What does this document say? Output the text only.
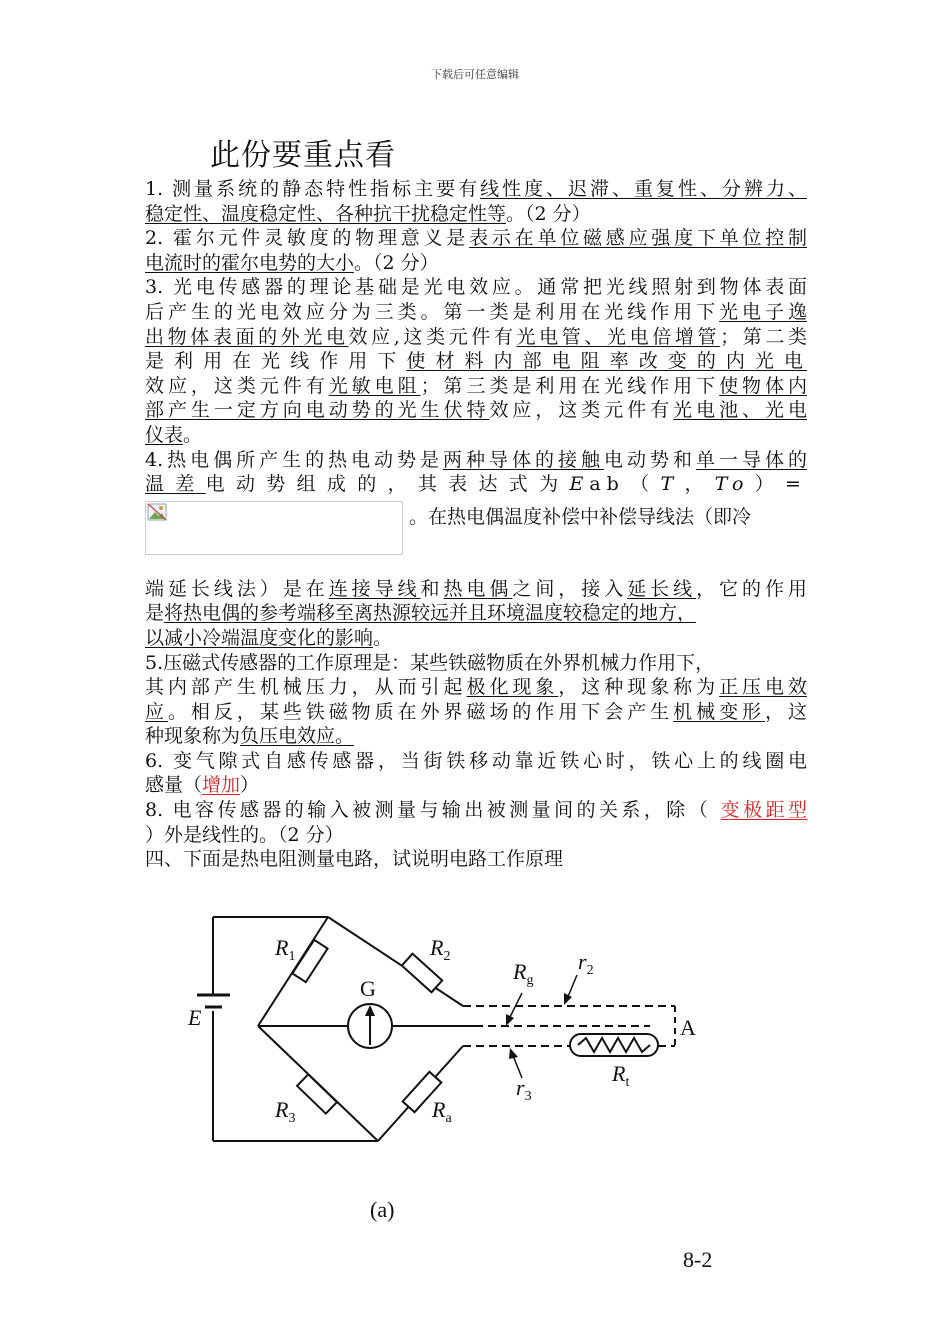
下载后可任意编辑
此份要重点看
1. 测量系统的静态特性指标主要有线性度、迟滞、重复性、分辨力、
稳定性、温度稳定性、各种抗干扰稳定性等。（2 分）
2. 霍尔元件灵敏度的物理意义是表示在单位磁感应强度下单位控制
电流时的霍尔电势的大小。（2 分）
3. 光电传感器的理论基础是光电效应。通常把光线照射到物体表面
后产生的光电效应分为三类。第一类是利用在光线作用下光电子逸
出物体表面的外光电效应,这类元件有光电管、光电倍增管；第二类
是利用在光线作用下使材料内部电阻率改变的内光电
效应，这类元件有光敏电阻；第三类是利用在光线作用下使物体内
部产生一定方向电动势的光生伏特效应，这类元件有光电池、光电
仪表。
4.热电偶所产生的热电动势是两种导体的接触电动势和单一导体的
温差电动势组成的，其表达式为Eab（T，To）=
。在热电偶温度补偿中补偿导线法（即冷
端延长线法）是在连接导线和热电偶之间，接入延长线，它的作用
是将热电偶的参考端移至离热源较远并且环境温度较稳定的地方，
以减小冷端温度变化的影响。
5.压磁式传感器的工作原理是：某些铁磁物质在外界机械力作用下，
其内部产生机械压力，从而引起极化现象，这种现象称为正压电效
应。相反，某些铁磁物质在外界磁场的作用下会产生机械变形，这
种现象称为负压电效应。
6. 变气隙式自感传感器，当街铁移动靠近铁心时，铁心上的线圈电
感量（增加）
8. 电容传感器的输入被测量与输出被测量间的关系，除（ 变极距型
）外是线性的。（2 分）
四、下面是热电阻测量电路，试说明电路工作原理
$R_1$	$R_2$
$R_3$	$R_a$
$R_g$
$r_2$
$r_3$
$R_t$
G
E	A
(a)
8-2
